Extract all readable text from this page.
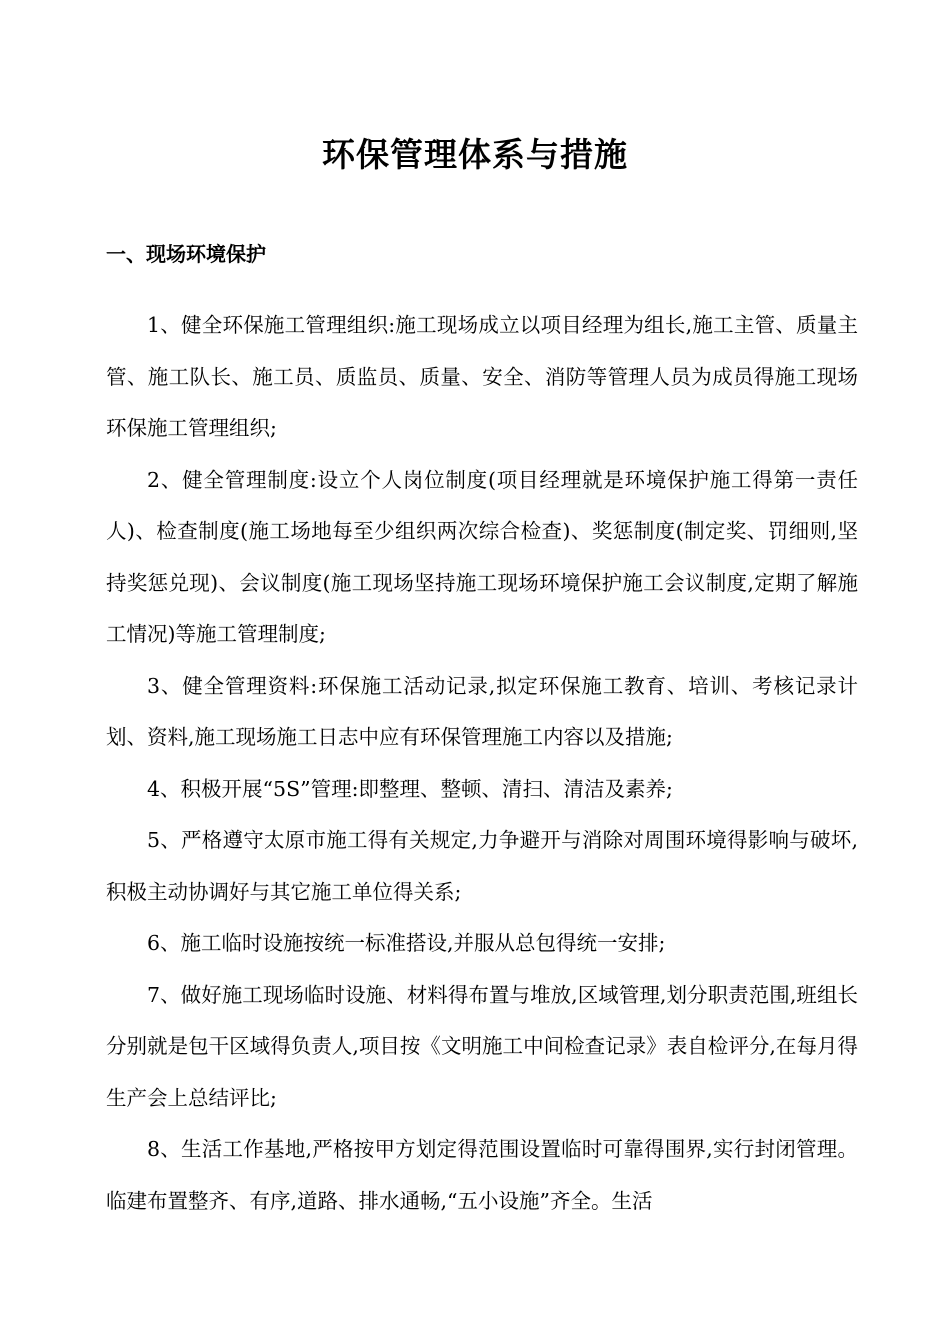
环保管理体系与措施
一、现场环境保护

1、健全环保施工管理组织:施工现场成立以项目经理为组长,施工主管、质量主管、施工队长、施工员、质监员、质量、安全、消防等管理人员为成员得施工现场环保施工管理组织;

2、健全管理制度:设立个人岗位制度(项目经理就是环境保护施工得第一责任人)、检查制度(施工场地每至少组织两次综合检查)、奖惩制度(制定奖、罚细则,坚持奖惩兑现)、会议制度(施工现场坚持施工现场环境保护施工会议制度,定期了解施工情况)等施工管理制度;

3、健全管理资料:环保施工活动记录,拟定环保施工教育、培训、考核记录计划、资料,施工现场施工日志中应有环保管理施工内容以及措施;

4、积极开展“5S”管理:即整理、整顿、清扫、清洁及素养;

5、严格遵守太原市施工得有关规定,力争避开与消除对周围环境得影响与破坏,积极主动协调好与其它施工单位得关系;

6、施工临时设施按统一标准搭设,并服从总包得统一安排;

7、做好施工现场临时设施、材料得布置与堆放,区域管理,划分职责范围,班组长分别就是包干区域得负责人,项目按《文明施工中间检查记录》表自检评分,在每月得生产会上总结评比;

8、生活工作基地,严格按甲方划定得范围设置临时可靠得围界,实行封闭管理。临建布置整齐、有序,道路、排水通畅,“五小设施”齐全。生活
